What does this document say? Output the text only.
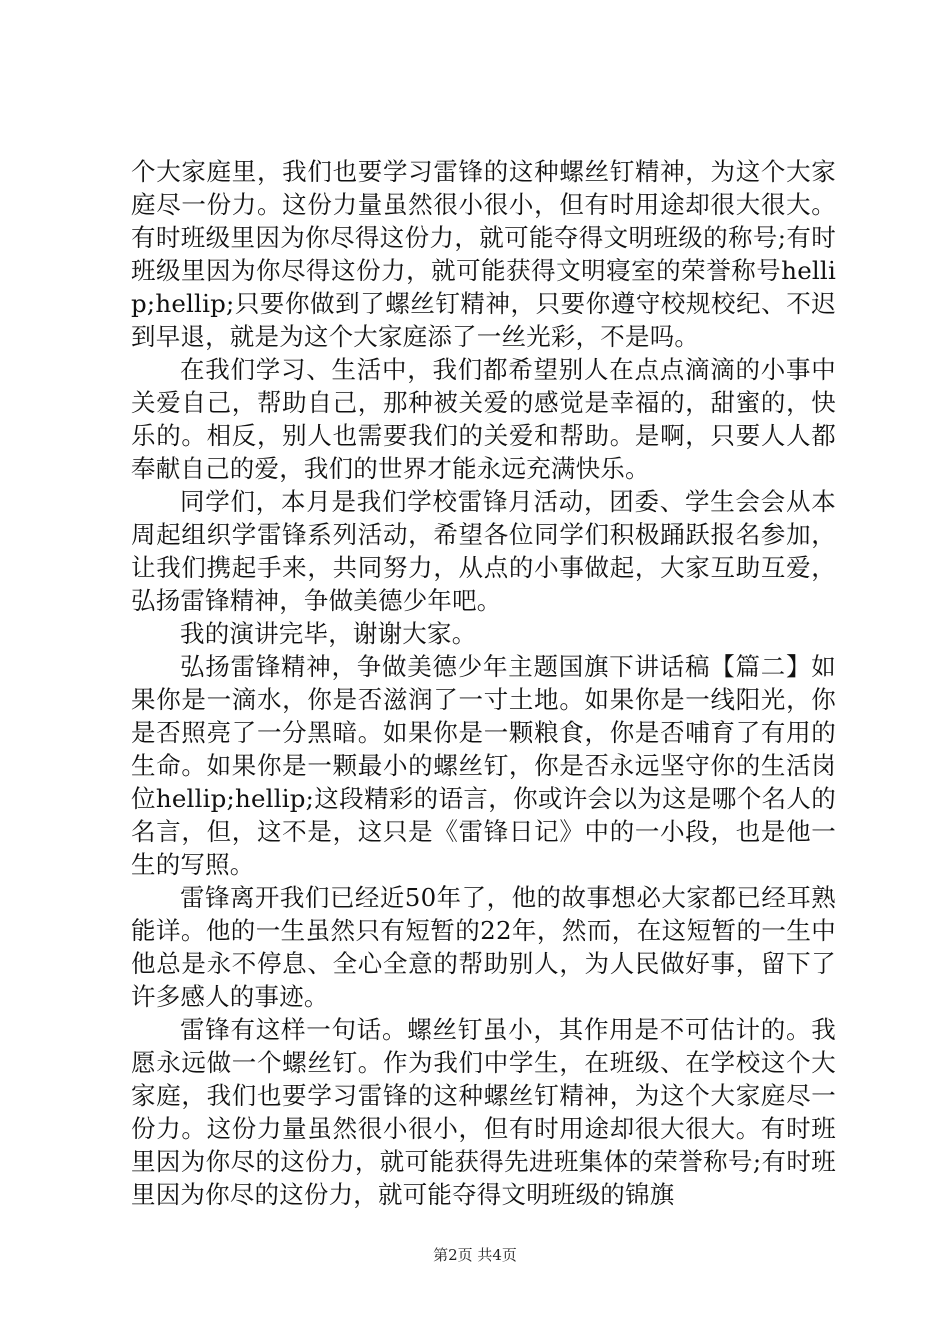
个大家庭里，我们也要学习雷锋的这种螺丝钉精神，为这个大家庭尽一份力。这份力量虽然很小很小，但有时用途却很大很大。有时班级里因为你尽得这份力，就可能夺得文明班级的称号;有时班级里因为你尽得这份力，就可能获得文明寝室的荣誉称号hellip;hellip;只要你做到了螺丝钉精神，只要你遵守校规校纪、不迟到早退，就是为这个大家庭添了一丝光彩，不是吗。

在我们学习、生活中，我们都希望别人在点点滴滴的小事中关爱自己，帮助自己，那种被关爱的感觉是幸福的，甜蜜的，快乐的。相反，别人也需要我们的关爱和帮助。是啊，只要人人都奉献自己的爱，我们的世界才能永远充满快乐。

同学们，本月是我们学校雷锋月活动，团委、学生会会从本周起组织学雷锋系列活动，希望各位同学们积极踊跃报名参加，让我们携起手来，共同努力，从点的小事做起，大家互助互爱，弘扬雷锋精神，争做美德少年吧。

我的演讲完毕，谢谢大家。

弘扬雷锋精神，争做美德少年主题国旗下讲话稿【篇二】如果你是一滴水，你是否滋润了一寸土地。如果你是一线阳光，你是否照亮了一分黑暗。如果你是一颗粮食，你是否哺育了有用的生命。如果你是一颗最小的螺丝钉，你是否永远坚守你的生活岗位hellip;hellip;这段精彩的语言，你或许会以为这是哪个名人的名言，但，这不是，这只是《雷锋日记》中的一小段，也是他一生的写照。

雷锋离开我们已经近50年了，他的故事想必大家都已经耳熟能详。他的一生虽然只有短暂的22年，然而，在这短暂的一生中他总是永不停息、全心全意的帮助别人，为人民做好事，留下了许多感人的事迹。

雷锋有这样一句话。螺丝钉虽小，其作用是不可估计的。我愿永远做一个螺丝钉。作为我们中学生，在班级、在学校这个大家庭，我们也要学习雷锋的这种螺丝钉精神，为这个大家庭尽一份力。这份力量虽然很小很小，但有时用途却很大很大。有时班里因为你尽的这份力，就可能获得先进班集体的荣誉称号;有时班里因为你尽的这份力，就可能夺得文明班级的锦旗

第2页 共4页
